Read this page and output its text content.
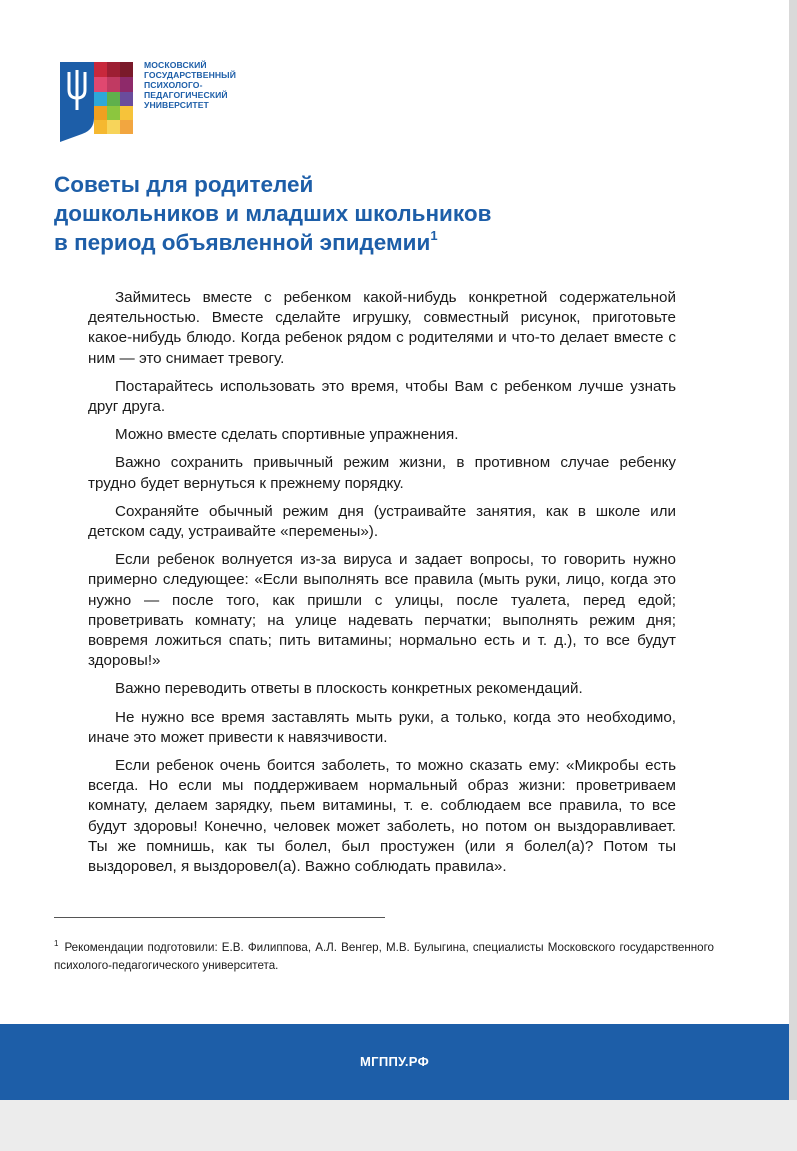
МОСКОВСКИЙ
ГОСУДАРСТВЕННЫЙ
ПСИХОЛОГО-
ПЕДАГОГИЧЕСКИЙ
УНИВЕРСИТЕТ
Советы для родителей
дошкольников и младших школьников
в период объявленной эпидемии$^1$

Займитесь вместе с ребенком какой-нибудь конкретной содержательной деятельностью. Вместе сделайте игрушку, совместный рисунок, приготовьте какое-нибудь блюдо. Когда ребенок рядом с родителями и что-то делает вместе с ним — это снимает тревогу.

Постарайтесь использовать это время, чтобы Вам с ребенком лучше узнать друг друга.

Можно вместе сделать спортивные упражнения.

Важно сохранить привычный режим жизни, в противном случае ребенку трудно будет вернуться к прежнему порядку.

Сохраняйте обычный режим дня (устраивайте занятия, как в школе или детском саду, устраивайте «перемены»).

Если ребенок волнуется из-за вируса и задает вопросы, то говорить нужно примерно следующее: «Если выполнять все правила (мыть руки, лицо, когда это нужно — после того, как пришли с улицы, после туалета, перед едой; проветривать комнату; на улице надевать перчатки; выполнять режим дня; вовремя ложиться спать; пить витамины; нормально есть и т. д.), то все будут здоровы!»

Важно переводить ответы в плоскость конкретных рекомендаций.

Не нужно все время заставлять мыть руки, а только, когда это необходимо, иначе это может привести к навязчивости.

Если ребенок очень боится заболеть, то можно сказать ему: «Микробы есть всегда. Но если мы поддерживаем нормальный образ жизни: проветриваем комнату, делаем зарядку, пьем витамины, т. е. соблюдаем все правила, то все будут здоровы! Конечно, человек может заболеть, но потом он выздоравливает. Ты же помнишь, как ты болел, был простужен (или я болел(а)? Потом ты выздоровел, я выздоровел(а). Важно соблюдать правила».

$^1$ Рекомендации подготовили: Е.В. Филиппова, А.Л. Венгер, М.В. Булыгина, специалисты Московского государственного психолого-педагогического университета.
МГППУ.РФ
